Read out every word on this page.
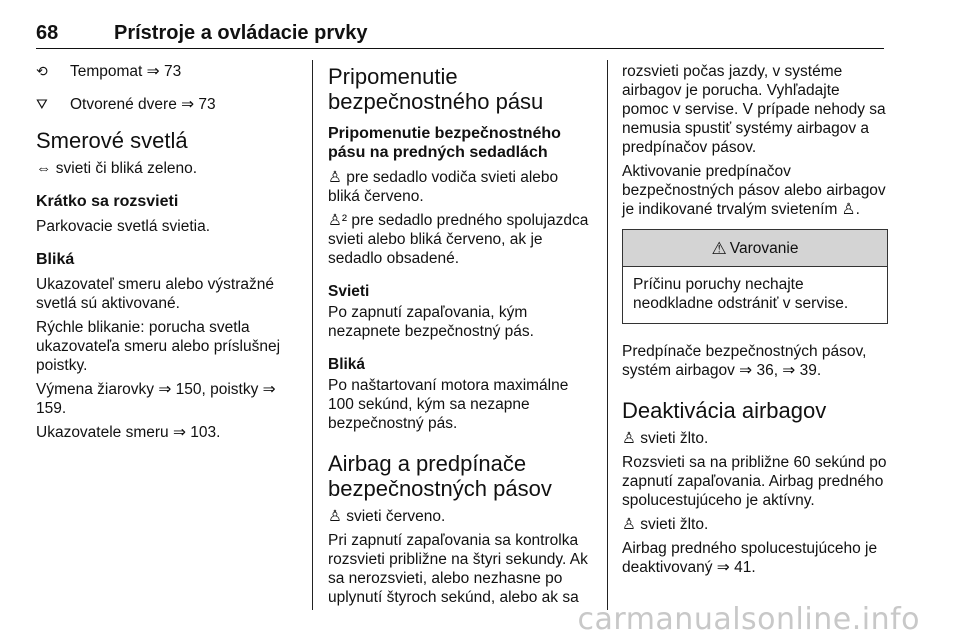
68	Prístroje a ovládacie prvky
⟲	Tempomat ⇒ 73
⛛	Otvorené dvere ⇒ 73
Smerové svetlá

⇔ svieti či bliká zeleno.

Krátko sa rozsvieti

Parkovacie svetlá svietia.

Bliká

Ukazovateľ smeru alebo výstražné svetlá sú aktivované.

Rýchle blikanie: porucha svetla ukazovateľa smeru alebo príslušnej poistky.

Výmena žiarovky ⇒ 150, poistky ⇒ 159.

Ukazovatele smeru ⇒ 103.

Pripomenutie bezpečnostného pásu
Pripomenutie bezpečnostného pásu na predných sedadlách

♙ pre sedadlo vodiča svieti alebo bliká červeno.

♙² pre sedadlo predného spolujazdca svieti alebo bliká červeno, ak je sedadlo obsadené.

Svieti

Po zapnutí zapaľovania, kým nezapnete bezpečnostný pás.

Bliká

Po naštartovaní motora maximálne 100 sekúnd, kým sa nezapne bezpečnostný pás.

Airbag a predpínače bezpečnostných pásov

♙ svieti červeno.

Pri zapnutí zapaľovania sa kontrolka rozsvieti približne na štyri sekundy. Ak sa nerozsvieti, alebo nezhasne po uplynutí štyroch sekúnd, alebo ak sa

rozsvieti počas jazdy, v systéme airbagov je porucha. Vyhľadajte pomoc v servise. V prípade nehody sa nemusia spustiť systémy airbagov a predpínačov pásov.

Aktivovanie predpínačov bezpečnostných pásov alebo airbagov je indikované trvalým svietením ♙.

⚠ Varovanie
Príčinu poruchy nechajte neodkladne odstrániť v servise.

Predpínače bezpečnostných pásov, systém airbagov ⇒ 36, ⇒ 39.

Deaktivácia airbagov

♙ svieti žlto.

Rozsvieti sa na približne 60 sekúnd po zapnutí zapaľovania. Airbag predného spolucestujúceho je aktívny.

♙ svieti žlto.

Airbag predného spolucestujúceho je deaktivovaný ⇒ 41.

carmanualsonline.info
